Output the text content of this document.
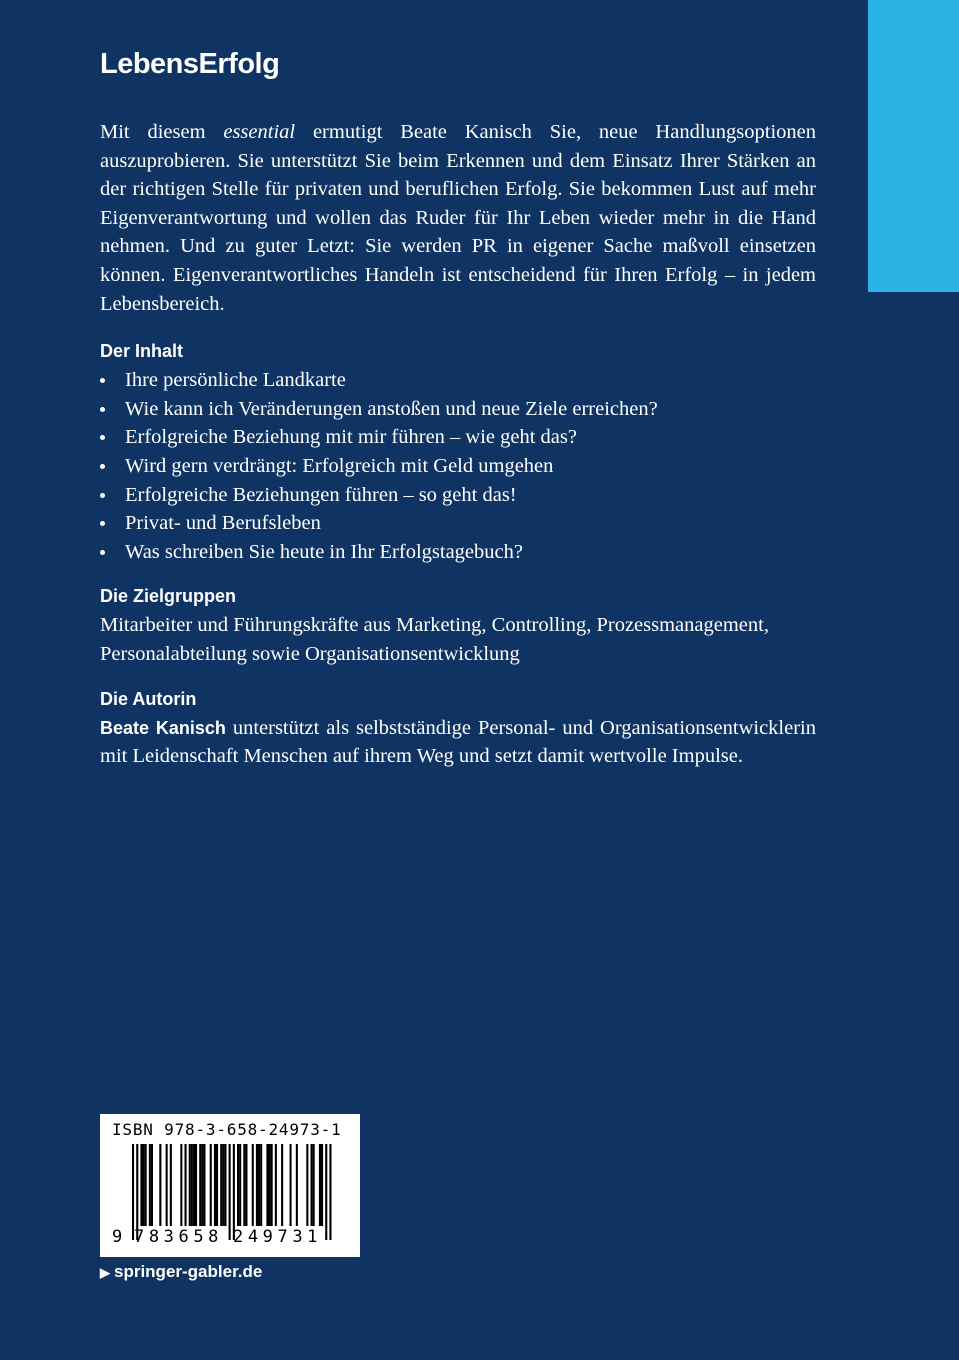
LebensErfolg

Mit diesem essential ermutigt Beate Kanisch Sie, neue Handlungsoptionen auszuprobieren. Sie unterstützt Sie beim Erkennen und dem Einsatz Ihrer Stärken an der richtigen Stelle für privaten und beruflichen Erfolg. Sie bekommen Lust auf mehr Eigenverantwortung und wollen das Ruder für Ihr Leben wieder mehr in die Hand nehmen. Und zu guter Letzt: Sie werden PR in eigener Sache maßvoll einsetzen können. Eigenverantwortliches Handeln ist entscheidend für Ihren Erfolg – in jedem Lebensbereich.

Der Inhalt
Ihre persönliche Landkarte
Wie kann ich Veränderungen anstoßen und neue Ziele erreichen?
Erfolgreiche Beziehung mit mir führen – wie geht das?
Wird gern verdrängt: Erfolgreich mit Geld umgehen
Erfolgreiche Beziehungen führen – so geht das!
Privat- und Berufsleben
Was schreiben Sie heute in Ihr Erfolgstagebuch?
Die Zielgruppen

Mitarbeiter und Führungskräfte aus Marketing, Controlling, Prozessmanagement, Personalabteilung sowie Organisationsentwicklung

Die Autorin

Beate Kanisch unterstützt als selbstständige Personal- und Organisationsentwicklerin mit Leidenschaft Menschen auf ihrem Weg und setzt damit wertvolle Impulse.

ISBN 978-3-658-24973-1
9 783658 249731
▶ springer-gabler.de
